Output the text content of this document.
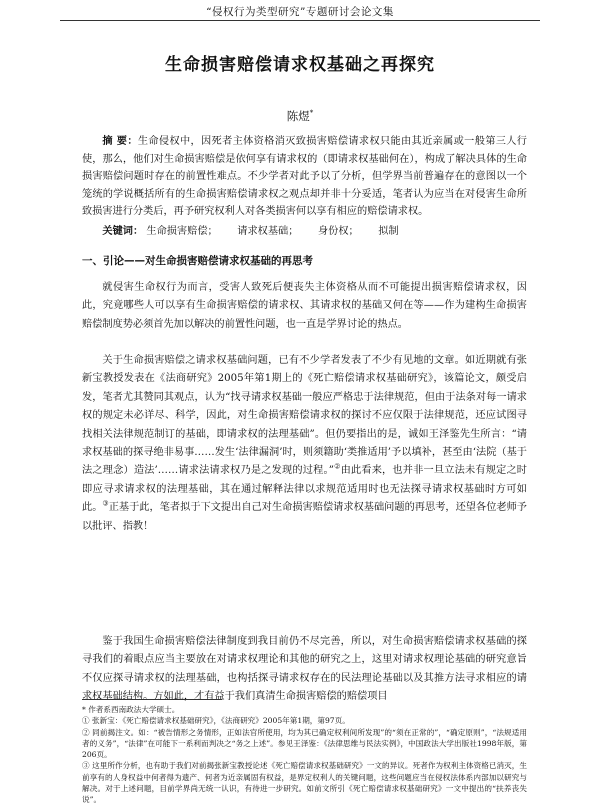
“侵权行为类型研究”专题研讨会论文集
生命损害赔偿请求权基础之再探究
陈煜*
摘 要：生命侵权中，因死者主体资格消灭致损害赔偿请求权只能由其近亲属或一般第三人行使，那么，他们对生命损害赔偿是依何享有请求权的（即请求权基础何在），构成了解决具体的生命损害赔偿问题时存在的前置性难点。不少学者对此予以了分析，但学界当前普遍存在的意图以一个笼统的学说概括所有的生命损害赔偿请求权之观点却并非十分妥适，笔者认为应当在对侵害生命所致损害进行分类后，再予研究权利人对各类损害何以享有相应的赔偿请求权。
关键词： 生命损害赔偿； 请求权基础； 身份权； 拟制
一、引论——对生命损害赔偿请求权基础的再思考
就侵害生命权行为而言，受害人致死后便丧失主体资格从而不可能提出损害赔偿请求权，因此，究竟哪些人可以享有生命损害赔偿的请求权、其请求权的基础又何在等——作为建构生命损害赔偿制度势必须首先加以解决的前置性问题，也一直是学界讨论的热点。
关于生命损害赔偿之请求权基础问题，已有不少学者发表了不少有见地的文章。如近期就有张新宝教授发表在《法商研究》2005年第1期上的《死亡赔偿请求权基础研究》，该篇论文，颇受启发，笔者尤其赞同其观点，认为“找寻请求权基础一般应严格忠于法律规范，但由于法条对每一请求权的规定未必详尽、科学，因此，对生命损害赔偿请求权的探讨不应仅限于法律规范，还应试图寻找相关法律规范制订的基础，即请求权的法理基础”。但仍要指出的是，诚如王泽鉴先生所言：“请求权基础的探寻绝非易事……发生‘法律漏洞’时，则须籍助‘类推适用’予以填补，甚至由‘法院（基于法之理念）造法’……请求法请求权乃是之发现的过程。”②由此看来，也并非一旦立法未有规定之时即应寻求请求权的法理基础，其在通过解释法律以求规范适用时也无法探寻请求权基础时方可如此。③正基于此，笔者拟于下文提出自己对生命损害赔偿请求权基础问题的再思考，还望各位老师予以批评、指教！
鉴于我国生命损害赔偿法律制度到我目前仍不尽完善，所以，对生命损害赔偿请求权基础的探寻我们的着眼点应当主要放在对请求权理论和其他的研究之上，这里对请求权理论基础的研究意旨不仅应探寻请求权的法理基础，也构括探寻请求权存在的民法理论基础以及其推方法寻求相应的请求权基础结构。方如此，才有益于我们真清生命损害赔偿的赔偿项目

* 作者系西南政法大学硕士。

① 张新宝：《死亡赔偿请求权基础研究》，《法商研究》2005年第1期，第97页。

② 同前揭注文。如：“被告情形之务情形，正如法官所使用，均为其已确定权利间所发现”的“须在正常的”，“确定原则”，“法规适用者的义务”，“法律”在可能下一系利而判决之“务之上述”。参见王泽鉴：《法律思维与民法实例》，中国政法大学出版社1998年版，第206页。

③ 这里所作分析，也有助于我们对前揭张新宝教授论述《死亡赔偿请求权基础研究》一文的异议。死者作为权利主体资格已消灭，生前享有的人身权益中何者得为遗产、何者为近亲属固有权益，是界定权利人的关键问题，这些问题应当在侵权法体系内部加以研究与解决。对于上述问题，目前学界尚无统一认识，有待进一步研究。如前文所引《死亡赔偿请求权基础研究》一文中提出的“扶养丧失说”。
